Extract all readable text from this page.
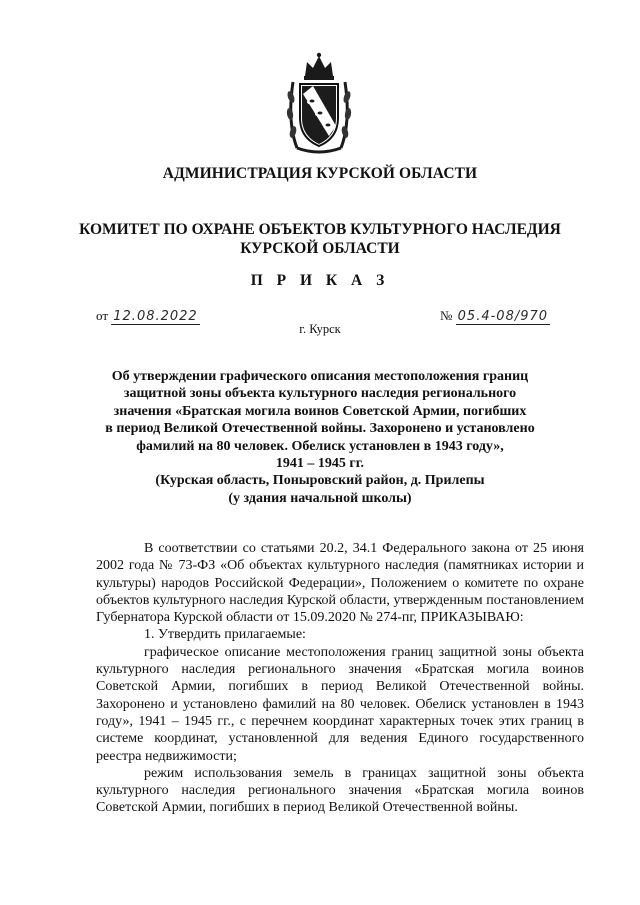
АДМИНИСТРАЦИЯ КУРСКОЙ ОБЛАСТИ
КОМИТЕТ ПО ОХРАНЕ ОБЪЕКТОВ КУЛЬТУРНОГО НАСЛЕДИЯ
КУРСКОЙ ОБЛАСТИ
П Р И К А З
от 12.08.2022
г. Курск
№ 05.4-08/970
Об утверждении графического описания местоположения границ
защитной зоны объекта культурного наследия регионального
значения «Братская могила воинов Советской Армии, погибших
в период Великой Отечественной войны. Захоронено и установлено
фамилий на 80 человек. Обелиск установлен в 1943 году»,
1941 – 1945 гг.
(Курская область, Поныровский район, д. Прилепы
(у здания начальной школы)

В соответствии со статьями 20.2, 34.1 Федерального закона от 25 июня 2002 года № 73-ФЗ «Об объектах культурного наследия (памятниках истории и культуры) народов Российской Федерации», Положением о комитете по охране объектов культурного наследия Курской области, утвержденным постановлением Губернатора Курской области от 15.09.2020 № 274-пг, ПРИКАЗЫВАЮ:

1. Утвердить прилагаемые:

графическое описание местоположения границ защитной зоны объекта культурного наследия регионального значения «Братская могила воинов Советской Армии, погибших в период Великой Отечественной войны. Захоронено и установлено фамилий на 80 человек. Обелиск установлен в 1943 году», 1941 – 1945 гг., с перечнем координат характерных точек этих границ в системе координат, установленной для ведения Единого государственного реестра недвижимости;

режим использования земель в границах защитной зоны объекта культурного наследия регионального значения «Братская могила воинов Советской Армии, погибших в период Великой Отечественной войны.
